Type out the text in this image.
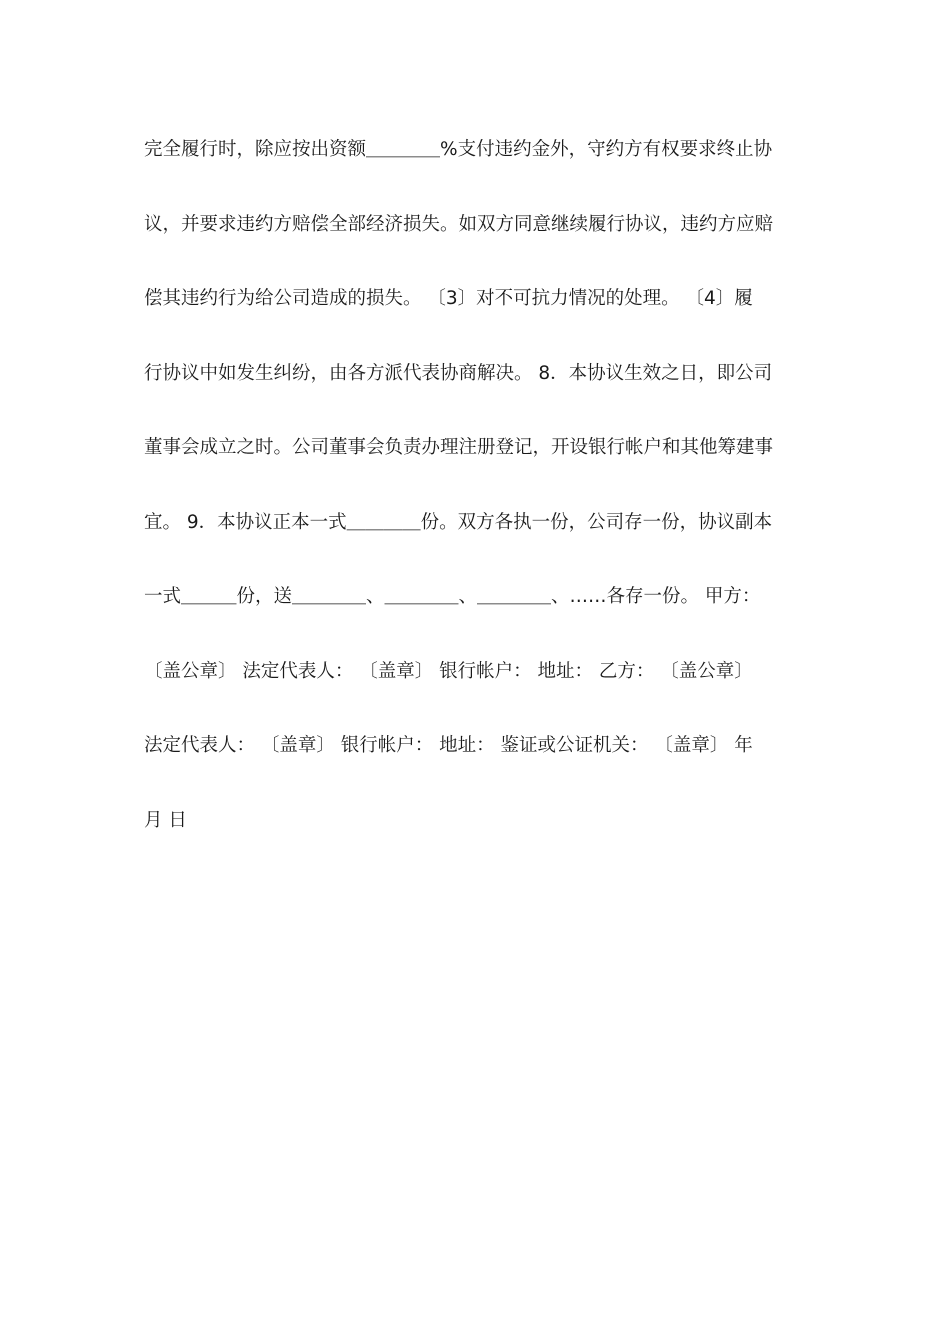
完全履行时，除应按出资额＿＿＿＿%支付违约金外，守约方有权要求终止协
议，并要求违约方赔偿全部经济损失。如双方同意继续履行协议，违约方应赔
偿其违约行为给公司造成的损失。 〔3〕对不可抗力情况的处理。 〔4〕履
行协议中如发生纠纷，由各方派代表协商解决。 8．本协议生效之日，即公司
董事会成立之时。公司董事会负责办理注册登记，开设银行帐户和其他筹建事
宜。 9．本协议正本一式＿＿＿＿份。双方各执一份，公司存一份，协议副本
一式＿＿＿份，送＿＿＿＿、＿＿＿＿、＿＿＿＿、……各存一份。 甲方：
〔盖公章〕 法定代表人： 〔盖章〕 银行帐户： 地址： 乙方： 〔盖公章〕
法定代表人： 〔盖章〕 银行帐户： 地址： 鉴证或公证机关： 〔盖章〕 年
月 日
